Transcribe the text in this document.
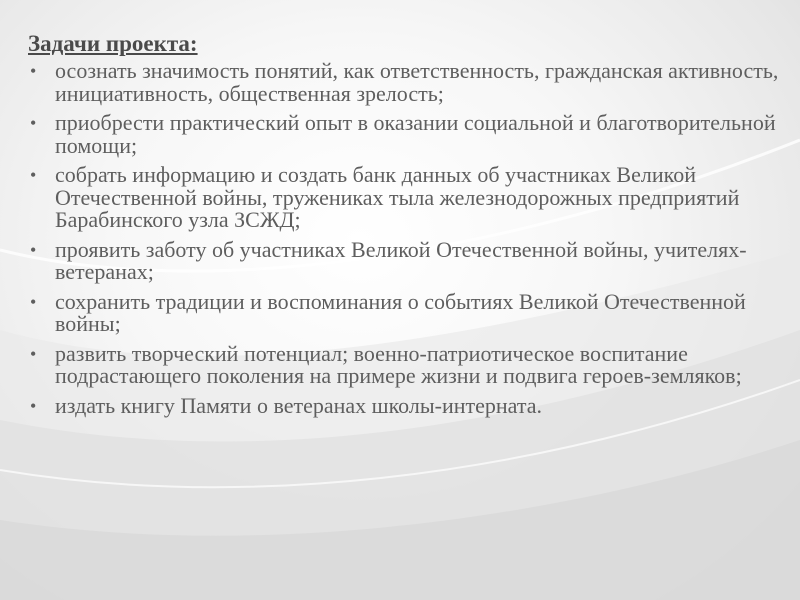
Задачи проекта:
• осознать значимость понятий, как ответственность, гражданская активность, инициативность, общественная зрелость;
• приобрести практический опыт в оказании социальной и благотворительной помощи;
• собрать информацию и создать банк данных об участниках Великой Отечественной войны, тружениках тыла железнодорожных предприятий Барабинского узла ЗСЖД;
• проявить заботу об участниках Великой Отечественной войны, учителях- ветеранах;
• сохранить традиции и воспоминания о событиях Великой Отечественной войны;
• развить творческий потенциал; военно-патриотическое воспитание подрастающего поколения на примере жизни и подвига героев-земляков;
• издать книгу Памяти о ветеранах школы-интерната.
